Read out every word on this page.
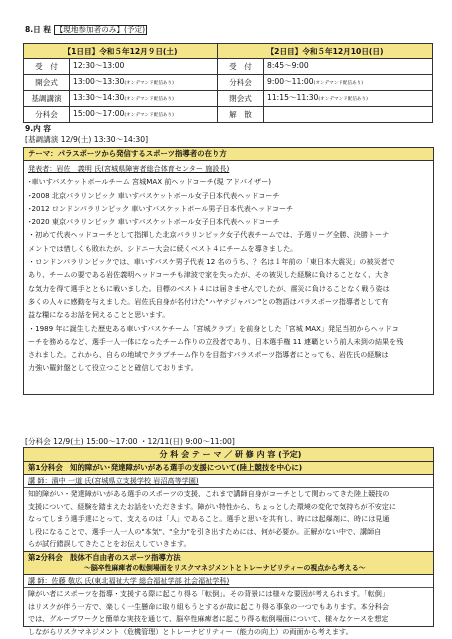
8.日 程 【現地参加者のみ】(予定)
【1日目】令和５年12月９日(土)		【2日目】令和５年12月10日(日)	
受　付	12:30～13:00	受　付	8:45～9:00
開会式	13:00～13:30(オンデマンド配信あり)	分科会	9:00～11:00(オンデマンド配信あり)
基調講演	13:30～14:30(オンデマンド配信あり)	閉会式	11:15～11:30(オンデマンド配信あり)
分科会	15:00～17:00(オンデマンド配信あり)	解　散	
9.内 容
[基調講演 12/9(土) 13:30～14:30]
テーマ：パラスポーツから発信するスポーツ指導者の在り方
発表者：岩佐　義明 氏(宮城県障害者総合体育センター 施設長)
･車いすバスケットボールチーム 宮城MAX 前ヘッドコーチ(現 アドバイザー)
･2008 北京パラリンピック 車いすバスケットボール女子日本代表ヘッドコーチ
･2012 ロンドンパラリンピック 車いすバスケットボール男子日本代表ヘッドコーチ
･2020 東京パラリンピック 車いすバスケットボール女子日本代表ヘッドコーチ
・初めて代表ヘッドコーチとして指揮した北京パラリンピック女子代表チームでは、予選リーグ全勝、決勝トーナ
メントでは惜しくも敗れたが、シドニー大会に続くベスト４にチームを導きました。
・ロンドンパラリンピックでは、車いすバスケ男子代表 12 名のうち、？名は１年前の「東日本大震災」の被災者で
あり、チームの要である岩佐義明ヘッドコーチも津波で家を失ったが、その被災した経験に負けることなく、大き
な気力を得て選手とともに戦いました。目標のベスト４には届きませんでしたが、震災に負けることなく戦う姿は
多くの人々に感動を与えました。岩佐氏自身が名付けた"ハヤテジャパン"との物語はパラスポーツ指導者として有
益な糧になるお話を伺えることと思います。
・1989 年に誕生した歴史ある車いすバスケチーム「宮城クラブ」を前身とした「宮城 MAX」発足当初からヘッドコ
ーチを務めるなど、選手一人一体になったチーム作りの立役者であり、日本選手権 11 連覇という前人未到の結果を残
されました。これから、自らの地域でクラブチーム作りを目指すパラスポーツ指導者にとっても、岩佐氏の経験は
力強い羅針盤として役立つことと確信しております。
[分科会 12/9(土) 15:00～17:00 ・12/11(日) 9:00～11:00]
分 科 会 テ ー マ ／ 研 修 内 容 (予定)
第1分科会　知的障がい･発達障がいがある選手の支援について(陸上競技を中心に)
講 師：濱中 一道 氏(宮城県立支援学校 岩沼高等学園)
知的障がい・発達障がいがある選手のスポーツの支援、これまで講師自身がコーチとして関わってきた陸上競技の
支援について、経験を踏まえたお話をいただきます。障がい特性から、ちょっとした環境の変化で気持ちが不安定に
なってしまう選手達にとって、支えるのは「人」であること。選手と思いを共有し、時には起爆剤に、時には見通
し役になることで、選手一人一人の"本気"、"全力"を引き出すためには、何が必要か。正解がない中で、講師自
らが試行錯誤してきたことをお伝えしていきます。
第2分科会　肢体不自由者のスポーツ指導方法
～脳卒性麻痺者の転倒場面をリスクマネジメントとトレーナビリティーの視点から考える～
講 師：佐藤 敬広 氏(東北福祉大学 総合福祉学部 社会福祉学科)
障がい者にスポーツを指導・支援する際に起こり得る「転倒」。その背景には様々な要因が考えられます。「転倒」
はリスクが伴う一方で、楽しく一生懸命に取り組もうとするが故に起こり得る事象の一つでもあります。本分科会
では、グループワークと簡単な実技を通じて、脳卒性麻痺者に起こり得る転倒場面について、様々なケースを想定
しながらリスクマネジメント（危機管理）とトレーナビリティー（能力の向上）の両面から考えます。
